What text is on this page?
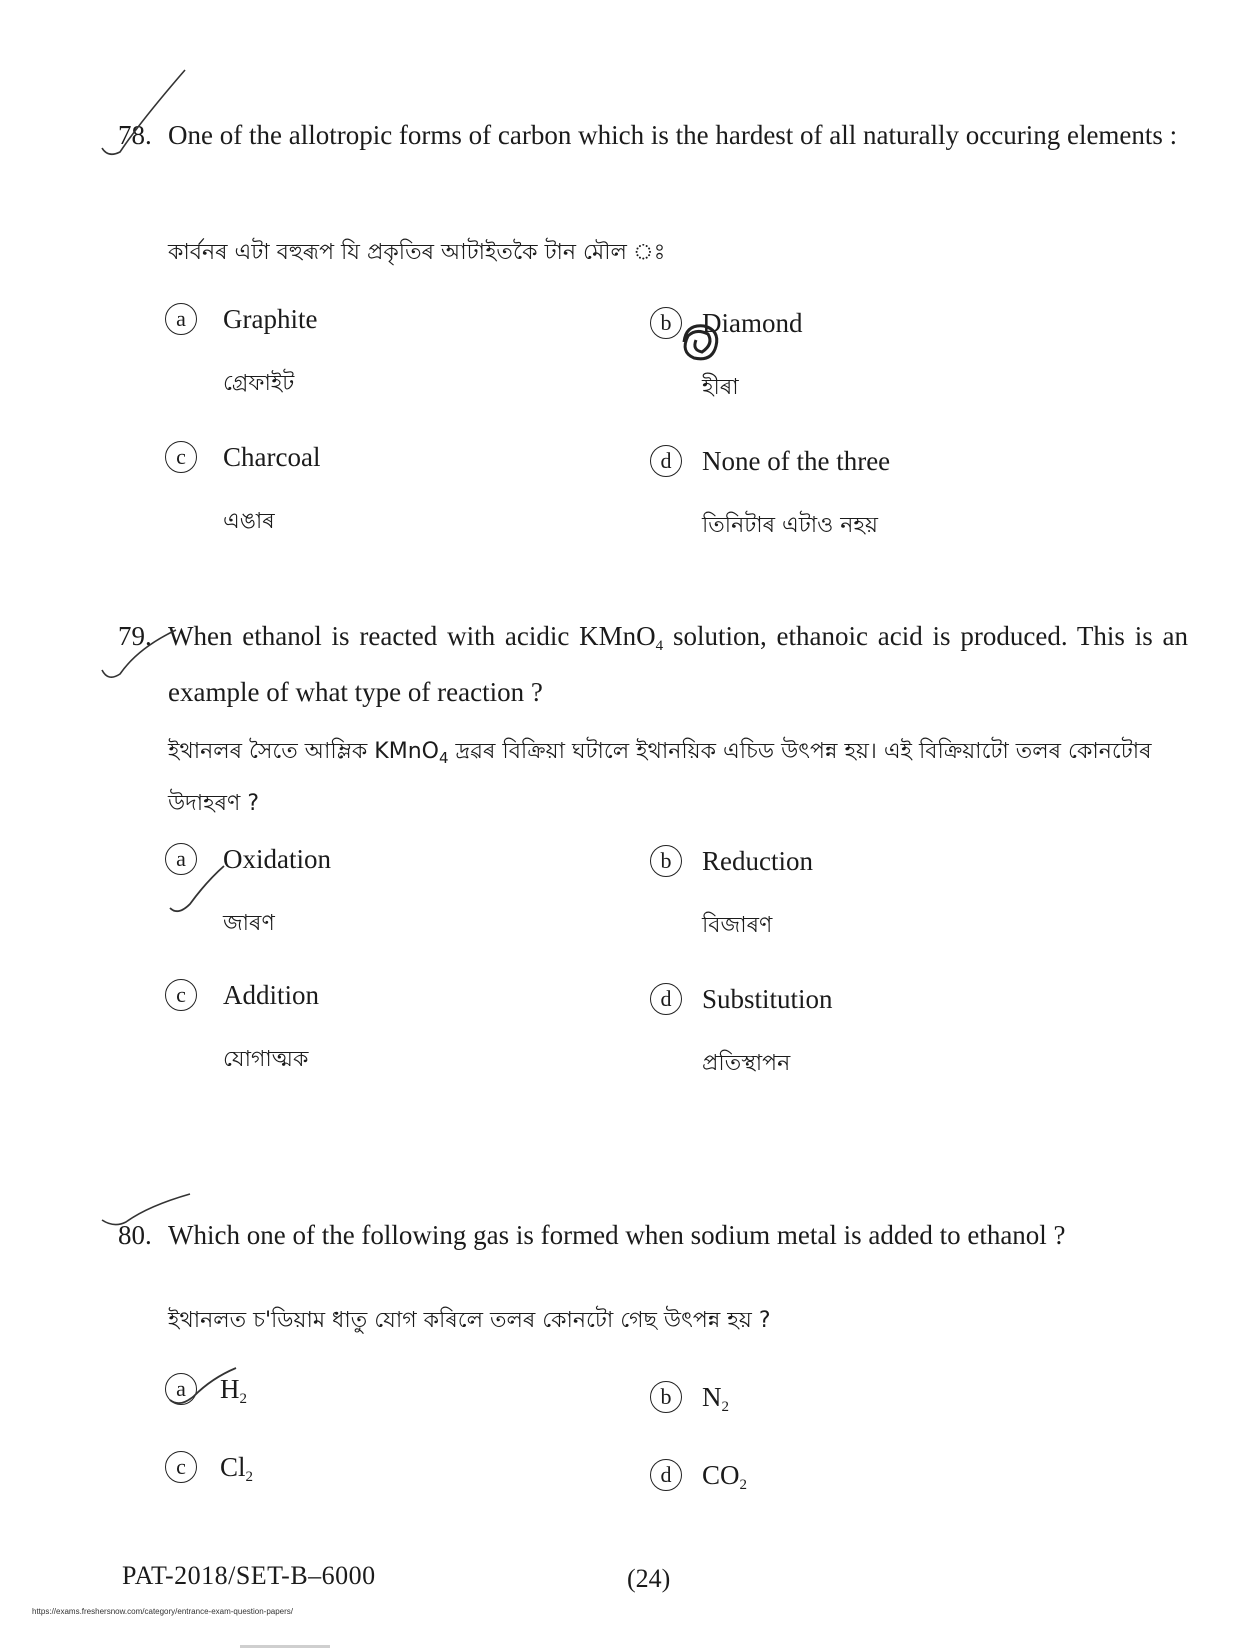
78. One of the allotropic forms of carbon which is the hardest of all naturally occuring elements :
কাৰ্বনৰ এটা বহুৰূপ যি প্ৰকৃতিৰ আটাইতকৈ টান মৌল ঃ
a	Graphite
গ্ৰেফাইট
b	Diamond
হীৰা
c	Charcoal
এঙাৰ
d	None of the three
তিনিটাৰ এটাও নহয়
79. When ethanol is reacted with acidic KMnO$_4$ solution, ethanoic acid is produced. This is an example of what type of reaction ?
ইথানলৰ সৈতে আম্লিক KMnO$_4$ দ্ৰৱৰ বিক্ৰিয়া ঘটালে ইথানয়িক এচিড উৎপন্ন হয়। এই বিক্ৰিয়াটো তলৰ কোনটোৰ উদাহৰণ ?
a	Oxidation
জাৰণ
b	Reduction
বিজাৰণ
c	Addition
যোগাত্মক
d	Substitution
প্ৰতিস্থাপন
80. Which one of the following gas is formed when sodium metal is added to ethanol ?
ইথানলত চ'ডিয়াম ধাতু যোগ কৰিলে তলৰ কোনটো গেছ উৎপন্ন হয় ?
a	$H_2$	b	$N_2$
c	$Cl_2$	d	$CO_2$
PAT-2018/SET-B–6000	(24)
https://exams.freshersnow.com/category/entrance-exam-question-papers/
